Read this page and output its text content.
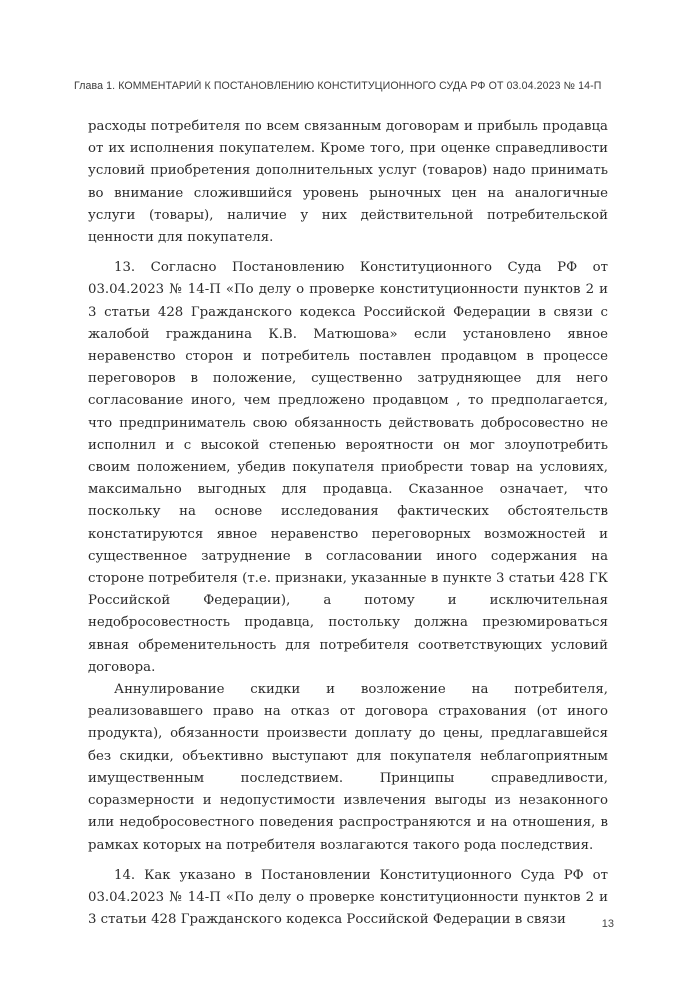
Глава 1. КОММЕНТАРИЙ К ПОСТАНОВЛЕНИЮ КОНСТИТУЦИОННОГО СУДА РФ ОТ 03.04.2023 № 14-П

расходы потребителя по всем связанным договорам и прибыль продавца от их исполнения покупателем. Кроме того, при оценке справедливости условий приобретения дополнительных услуг (товаров) надо принимать во внимание сложившийся уровень рыночных цен на аналогичные услуги (товары), наличие у них действительной потребительской ценности для покупателя.

13. Согласно Постановлению Конституционного Суда РФ от 03.04.2023 № 14-П «По делу о проверке конституционности пунктов 2 и 3 статьи 428 Гражданского кодекса Российской Федерации в связи с жалобой гражданина К.В. Матюшова» если установлено явное неравенство сторон и потребитель поставлен продавцом в процессе переговоров в положение, существенно затрудняющее для него согласование иного, чем предложено продавцом , то предполагается, что предприниматель свою обязанность действовать добросовестно не исполнил и с высокой степенью вероятности он мог злоупотребить своим положением, убедив покупателя приобрести товар на условиях, максимально выгодных для продавца. Сказанное означает, что поскольку на основе исследования фактических обстоятельств констатируются явное неравенство переговорных возможностей и существенное затруднение в согласовании иного содержания на стороне потребителя (т.е. признаки, указанные в пункте 3 статьи 428 ГК Российской Федерации), а потому и исключительная недобросовестность продавца, постольку должна презюмироваться явная обременительность для потребителя соответствующих условий договора.

Аннулирование скидки и возложение на потребителя, реализовавшего право на отказ от договора страхования (от иного продукта), обязанности произвести доплату до цены, предлагавшейся без скидки, объективно выступают для покупателя неблагоприятным имущественным последствием. Принципы справедливости, соразмерности и недопустимости извлечения выгоды из незаконного или недобросовестного поведения распространяются и на отношения, в рамках которых на потребителя возлагаются такого рода последствия.

14. Как указано в Постановлении Конституционного Суда РФ от 03.04.2023 № 14-П «По делу о проверке конституционности пунктов 2 и 3 статьи 428 Гражданского кодекса Российской Федерации в связи	13
